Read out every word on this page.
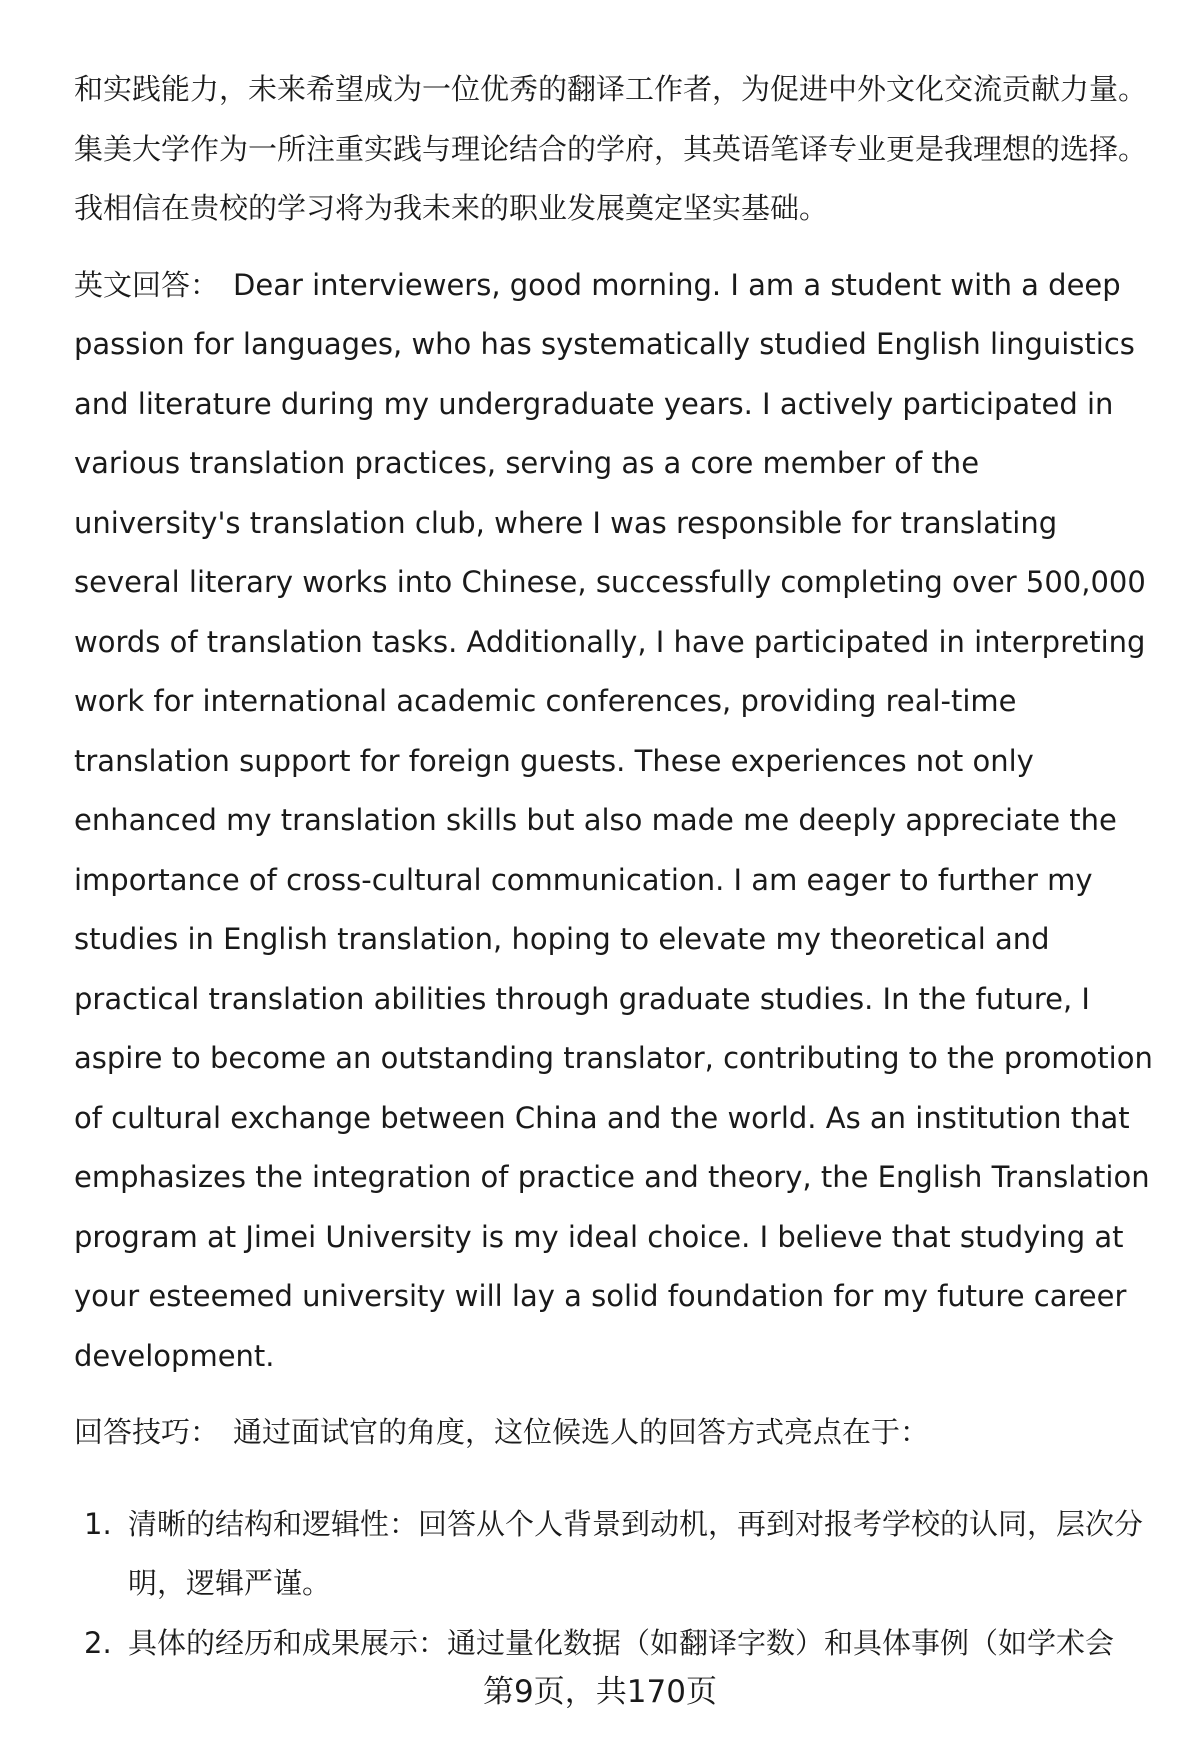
和实践能力，未来希望成为一位优秀的翻译工作者，为促进中外文化交流贡献力量。集美大学作为一所注重实践与理论结合的学府，其英语笔译专业更是我理想的选择。我相信在贵校的学习将为我未来的职业发展奠定坚实基础。

英文回答： Dear interviewers, good morning. I am a student with a deep passion for languages, who has systematically studied English linguistics and literature during my undergraduate years. I actively participated in various translation practices, serving as a core member of the university's translation club, where I was responsible for translating several literary works into Chinese, successfully completing over 500,000 words of translation tasks. Additionally, I have participated in interpreting work for international academic conferences, providing real-time translation support for foreign guests. These experiences not only enhanced my translation skills but also made me deeply appreciate the importance of cross-cultural communication. I am eager to further my studies in English translation, hoping to elevate my theoretical and practical translation abilities through graduate studies. In the future, I aspire to become an outstanding translator, contributing to the promotion of cultural exchange between China and the world. As an institution that emphasizes the integration of practice and theory, the English Translation program at Jimei University is my ideal choice. I believe that studying at your esteemed university will lay a solid foundation for my future career development.

回答技巧： 通过面试官的角度，这位候选人的回答方式亮点在于：

1. 清晰的结构和逻辑性：回答从个人背景到动机，再到对报考学校的认同，层次分明，逻辑严谨。
2. 具体的经历和成果展示：通过量化数据（如翻译字数）和具体事例（如学术会
第9页，共170页
